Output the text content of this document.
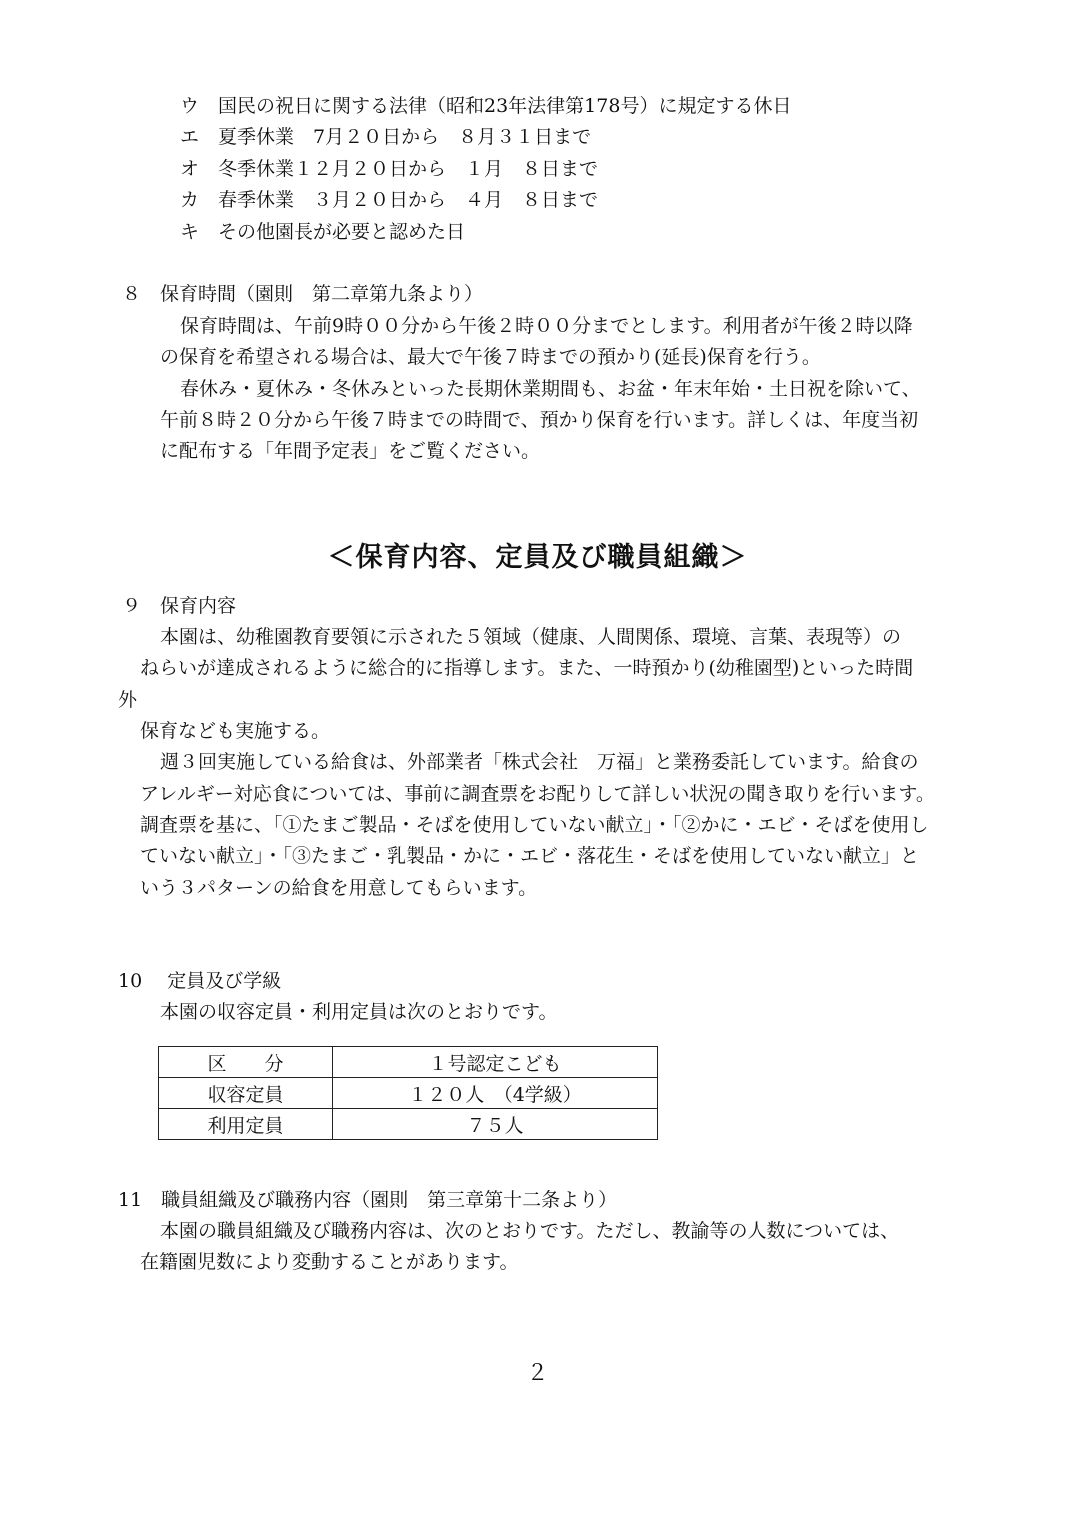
ウ 国民の祝日に関する法律（昭和23年法律第178号）に規定する休日
エ 夏季休業　7月２０日から　８月３１日まで
オ 冬季休業１２月２０日から　１月　８日まで
カ 春季休業　３月２０日から　４月　８日まで
キ その他園長が必要と認めた日
８　保育時間（園則　第二章第九条より）
保育時間は、午前9時００分から午後２時００分までとします。利用者が午後２時以降
の保育を希望される場合は、最大で午後７時までの預かり(延長)保育を行う。
春休み・夏休み・冬休みといった長期休業期間も、お盆・年末年始・土日祝を除いて、
午前８時２０分から午後７時までの時間で、預かり保育を行います。詳しくは、年度当初
に配布する「年間予定表」をご覧ください。
＜保育内容、定員及び職員組織＞
９　保育内容
本園は、幼稚園教育要領に示された５領域（健康、人間関係、環境、言葉、表現等）の
ねらいが達成されるように総合的に指導します。また、一時預かり(幼稚園型)といった時間
外
保育なども実施する。
週３回実施している給食は、外部業者「株式会社　万福」と業務委託しています。給食の
アレルギー対応食については、事前に調査票をお配りして詳しい状況の聞き取りを行います。
調査票を基に、「①たまご製品・そばを使用していない献立」・「②かに・エビ・そばを使用し
ていない献立」・「③たまご・乳製品・かに・エビ・落花生・そばを使用していない献立」と
いう３パターンの給食を用意してもらいます。
10　 定員及び学級
本園の収容定員・利用定員は次のとおりです。
区　　分	１号認定こども
収容定員	１２０人　（4学級）
利用定員	７５人
11　職員組織及び職務内容（園則　第三章第十二条より）
本園の職員組織及び職務内容は、次のとおりです。ただし、教諭等の人数については、
在籍園児数により変動することがあります。
２
